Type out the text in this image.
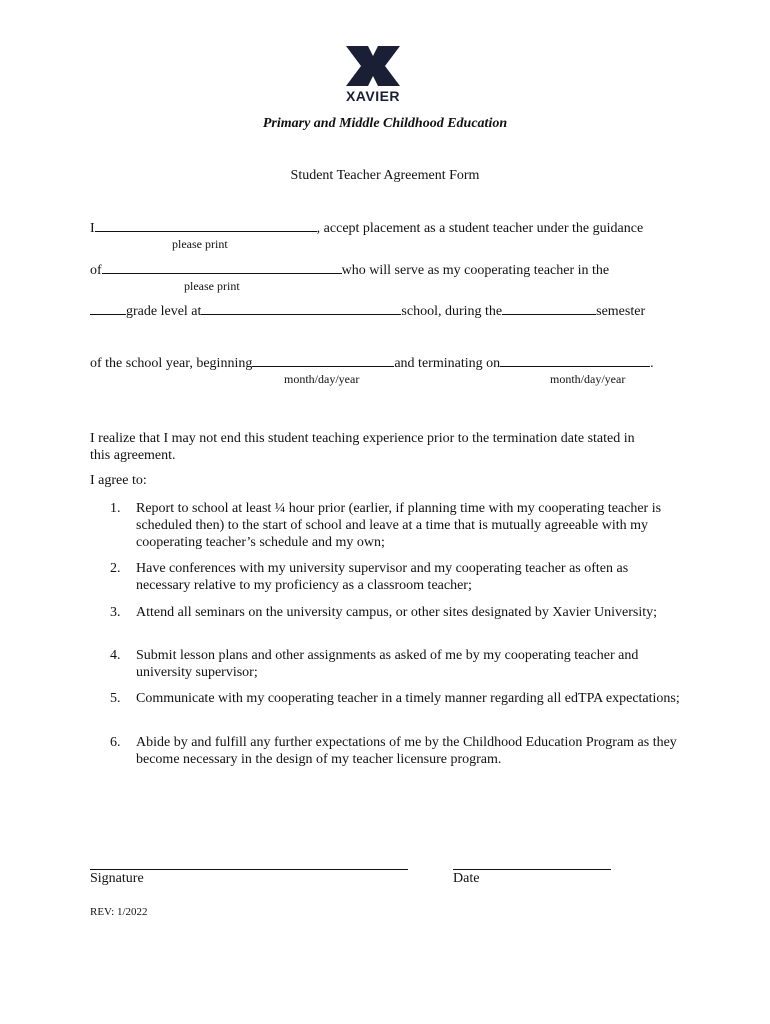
XAVIER
Primary and Middle Childhood Education
Student Teacher Agreement Form
I	, accept placement as a student teacher under the guidance
please print
of	who will serve as my cooperating teacher in the
please print
grade level at	school, during the	semester
of the school year, beginning	and terminating on	.
month/day/year	month/day/year
I realize that I may not end this student teaching experience prior to the termination date stated in
this agreement.
I agree to:
1. Report to school at least ¼ hour prior (earlier, if planning time with my cooperating teacher is scheduled then) to the start of school and leave at a time that is mutually agreeable with my cooperating teacher’s schedule and my own;
2. Have conferences with my university supervisor and my cooperating teacher as often as necessary relative to my proficiency as a classroom teacher;
3. Attend all seminars on the university campus, or other sites designated by Xavier University;
4. Submit lesson plans and other assignments as asked of me by my cooperating teacher and university supervisor;
5. Communicate with my cooperating teacher in a timely manner regarding all edTPA expectations;
6. Abide by and fulfill any further expectations of me by the Childhood Education Program as they become necessary in the design of my teacher licensure program.
Signature	Date
REV: 1/2022
